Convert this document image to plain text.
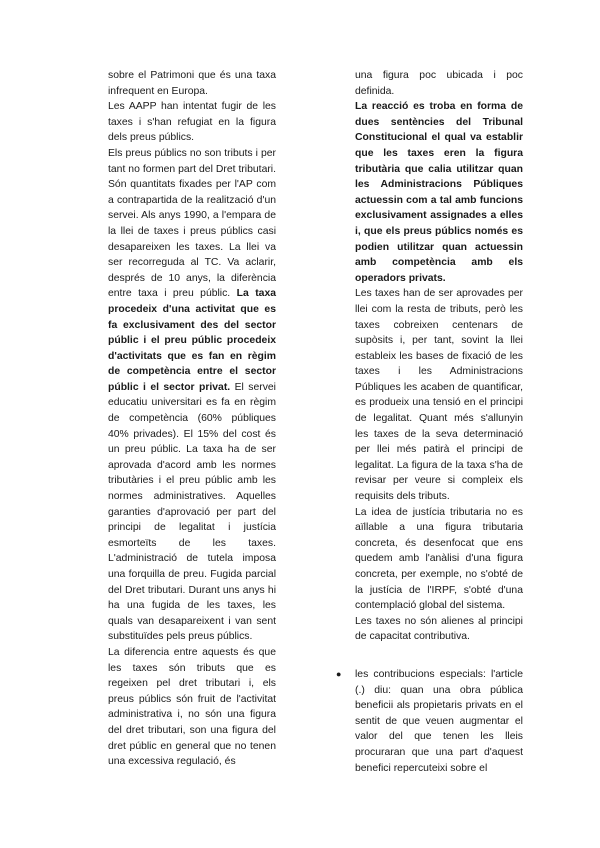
sobre el Patrimoni que és una taxa infrequent en Europa.

Les AAPP han intentat fugir de les taxes i s'han refugiat en la figura dels preus públics.

Els preus públics no son tributs i per tant no formen part del Dret tributari. Són quantitats fixades per l'AP com a contrapartida de la realització d'un servei. Als anys 1990, a l'empara de la llei de taxes i preus públics casi desapareixen les taxes. La llei va ser recorreguda al TC. Va aclarir, després de 10 anys, la diferència entre taxa i preu públic. La taxa procedeix d'una activitat que es fa exclusivament des del sector públic i el preu públic procedeix d'activitats que es fan en règim de competència entre el sector públic i el sector privat. El servei educatiu universitari es fa en règim de competència (60% públiques 40% privades). El 15% del cost és un preu públic. La taxa ha de ser aprovada d'acord amb les normes tributàries i el preu públic amb les normes administratives. Aquelles garanties d'aprovació per part del principi de legalitat i justícia esmorteïts de les taxes. L'administració de tutela imposa una forquilla de preu. Fugida parcial del Dret tributari. Durant uns anys hi ha una fugida de les taxes, les quals van desapareixent i van sent substituïdes pels preus públics.

La diferencia entre aquests és que les taxes són tributs que es regeixen pel dret tributari i, els preus públics són fruit de l'activitat administrativa i, no són una figura del dret tributari, son una figura del dret públic en general que no tenen una excessiva regulació, és

una figura poc ubicada i poc definida.

La reacció es troba en forma de dues sentències del Tribunal Constitucional el qual va establir que les taxes eren la figura tributària que calia utilitzar quan les Administracions Públiques actuessin com a tal amb funcions exclusivament assignades a elles i, que els preus públics només es podien utilitzar quan actuessin amb competència amb els operadors privats.

Les taxes han de ser aprovades per llei com la resta de tributs, però les taxes cobreixen centenars de supòsits i, per tant, sovint la llei estableix les bases de fixació de les taxes i les Administracions Públiques les acaben de quantificar, es produeix una tensió en el principi de legalitat. Quant més s'allunyin les taxes de la seva determinació per llei més patirà el principi de legalitat. La figura de la taxa s'ha de revisar per veure si compleix els requisits dels tributs.

La idea de justícia tributaria no es aïllable a una figura tributaria concreta, és desenfocat que ens quedem amb l'anàlisi d'una figura concreta, per exemple, no s'obté de la justícia de l'IRPF, s'obté d'una contemplació global del sistema.

Les taxes no són alienes al principi de capacitat contributiva.

● les contribucions especials: l'article (.) diu: quan una obra pública beneficii als propietaris privats en el sentit de que veuen augmentar el valor del que tenen les lleis procuraran que una part d'aquest benefici repercuteixi sobre el
